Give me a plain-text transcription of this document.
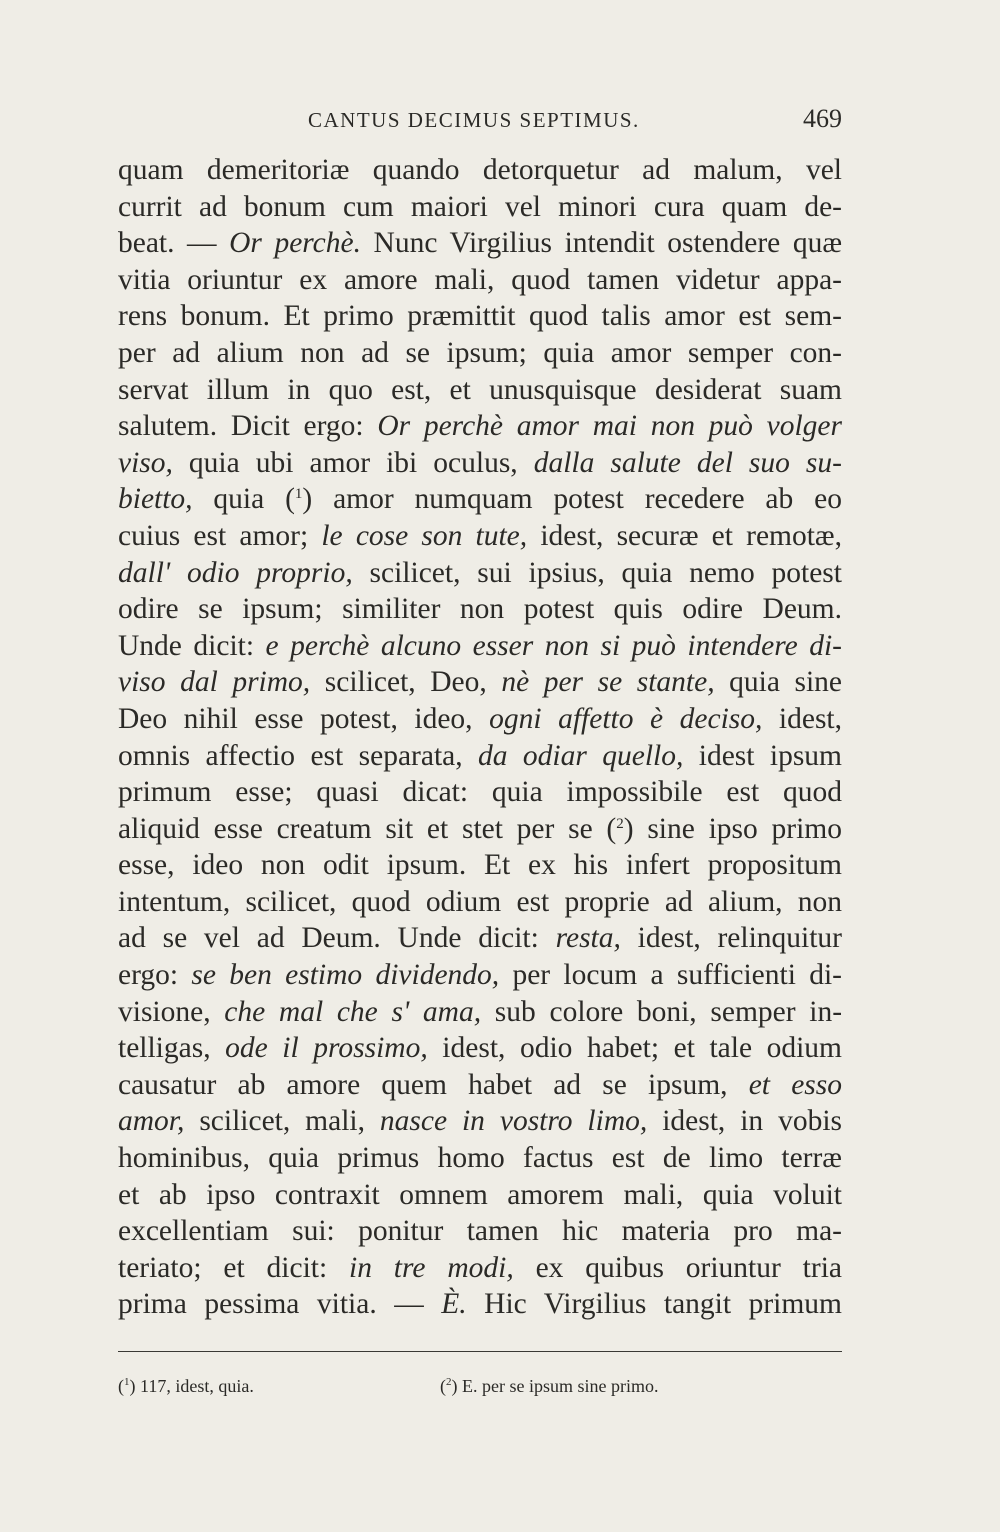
CANTUS DECIMUS SEPTIMUS.	469
quam demeritoriæ quando detorquetur ad malum, vel
currit ad bonum cum maiori vel minori cura quam de-
beat. — Or perchè. Nunc Virgilius intendit ostendere quæ
vitia oriuntur ex amore mali, quod tamen videtur appa-
rens bonum. Et primo præmittit quod talis amor est sem-
per ad alium non ad se ipsum; quia amor semper con-
servat illum in quo est, et unusquisque desiderat suam
salutem. Dicit ergo: Or perchè amor mai non può volger
viso, quia ubi amor ibi oculus, dalla salute del suo su-
bietto, quia ($^1$) amor numquam potest recedere ab eo
cuius est amor; le cose son tute, idest, securæ et remotæ,
dall' odio proprio, scilicet, sui ipsius, quia nemo potest
odire se ipsum; similiter non potest quis odire Deum.
Unde dicit: e perchè alcuno esser non si può intendere di-
viso dal primo, scilicet, Deo, nè per se stante, quia sine
Deo nihil esse potest, ideo, ogni affetto è deciso, idest,
omnis affectio est separata, da odiar quello, idest ipsum
primum esse; quasi dicat: quia impossibile est quod
aliquid esse creatum sit et stet per se ($^2$) sine ipso primo
esse, ideo non odit ipsum. Et ex his infert propositum
intentum, scilicet, quod odium est proprie ad alium, non
ad se vel ad Deum. Unde dicit: resta, idest, relinquitur
ergo: se ben estimo dividendo, per locum a sufficienti di-
visione, che mal che s' ama, sub colore boni, semper in-
telligas, ode il prossimo, idest, odio habet; et tale odium
causatur ab amore quem habet ad se ipsum, et esso
amor, scilicet, mali, nasce in vostro limo, idest, in vobis
hominibus, quia primus homo factus est de limo terræ
et ab ipso contraxit omnem amorem mali, quia voluit
excellentiam sui: ponitur tamen hic materia pro ma-
teriato; et dicit: in tre modi, ex quibus oriuntur tria
prima pessima vitia. — È. Hic Virgilius tangit primum
($^1$) 117, idest, quia.	($^2$) E. per se ipsum sine primo.
